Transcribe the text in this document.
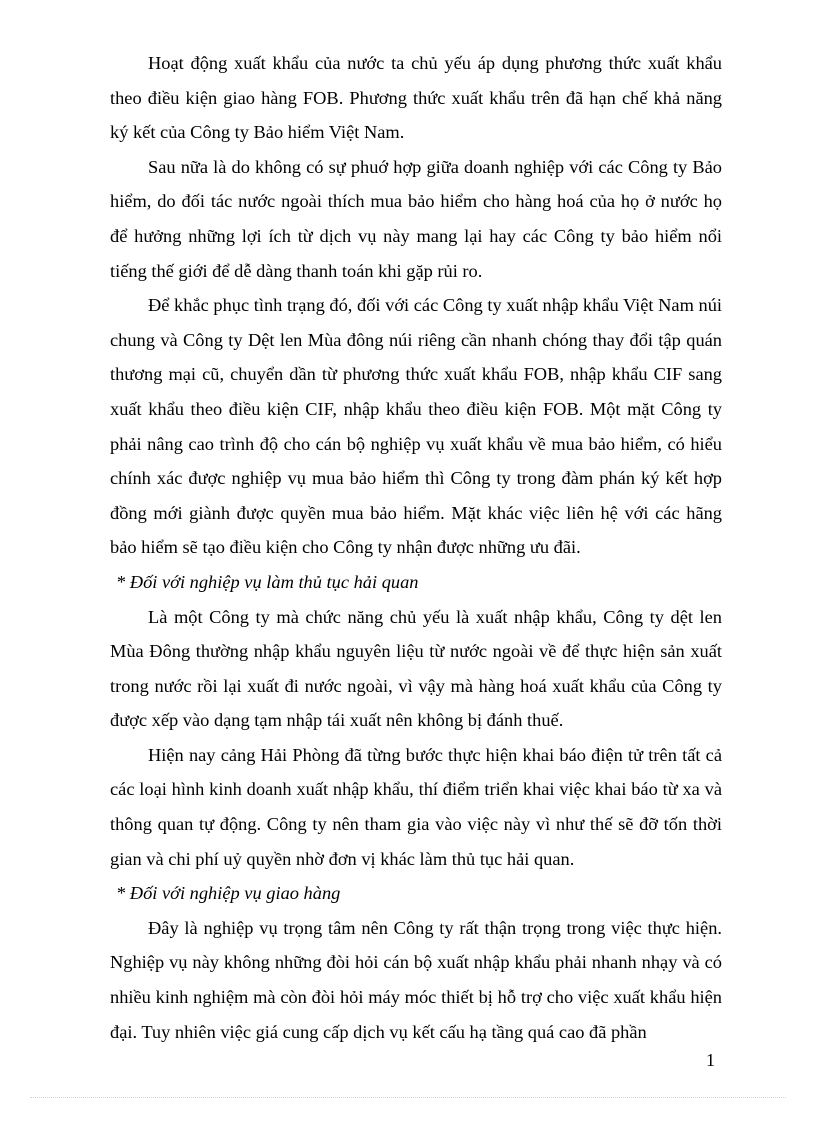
Hoạt động xuất khẩu của nước ta chủ yếu áp dụng phương thức xuất khẩu theo điều kiện giao hàng FOB. Phương thức xuất khẩu trên đã hạn chế khả năng ký kết của Công ty Bảo hiểm Việt Nam.

Sau nữa là do không có sự phuớ hợp giữa doanh nghiệp với các Công ty Bảo hiểm, do đối tác nước ngoài thích mua bảo hiểm cho hàng hoá của họ ở nước họ để hưởng những lợi ích từ dịch vụ này mang lại hay các Công ty bảo hiểm nổi tiếng thế giới để dễ dàng thanh toán khi gặp rủi ro.

Để khắc phục tình trạng đó, đối với các Công ty xuất nhập khẩu Việt Nam núi chung và Công ty Dệt len Mùa đông núi riêng cần nhanh chóng thay đổi tập quán thương mại cũ, chuyển dần từ phương thức xuất khẩu FOB, nhập khẩu CIF sang xuất khẩu theo điều kiện CIF, nhập khẩu theo điều kiện FOB. Một mặt Công ty phải nâng cao trình độ cho cán bộ nghiệp vụ xuất khẩu về mua bảo hiểm, có hiểu chính xác được nghiệp vụ mua bảo hiểm thì Công ty trong đàm phán ký kết hợp đồng mới giành được quyền mua bảo hiểm. Mặt khác việc liên hệ với các hãng bảo hiểm sẽ tạo điều kiện cho Công ty nhận được những ưu đãi.

* Đối với nghiệp vụ làm thủ tục hải quan

Là một Công ty mà chức năng chủ yếu là xuất nhập khẩu, Công ty dệt len Mùa Đông thường nhập khẩu nguyên liệu từ nước ngoài về để thực hiện sản xuất trong nước rồi lại xuất đi nước ngoài, vì vậy mà hàng hoá xuất khẩu của Công ty được xếp vào dạng tạm nhập tái xuất nên không bị đánh thuế.

Hiện nay cảng Hải Phòng đã từng bước thực hiện khai báo điện tử trên tất cả các loại hình kinh doanh xuất nhập khẩu, thí điểm triển khai việc khai báo từ xa và thông quan tự động. Công ty nên tham gia vào việc này vì như thế sẽ đỡ tốn thời gian và chi phí uỷ quyền nhờ đơn vị khác làm thủ tục hải quan.

* Đối với nghiệp vụ giao hàng

Đây là nghiệp vụ trọng tâm nên Công ty rất thận trọng trong việc thực hiện. Nghiệp vụ này không những đòi hỏi cán bộ xuất nhập khẩu phải nhanh nhạy và có nhiều kinh nghiệm mà còn đòi hỏi máy móc thiết bị hỗ trợ cho việc xuất khẩu hiện đại. Tuy nhiên việc giá cung cấp dịch vụ kết cấu hạ tầng quá cao đã phần

1
